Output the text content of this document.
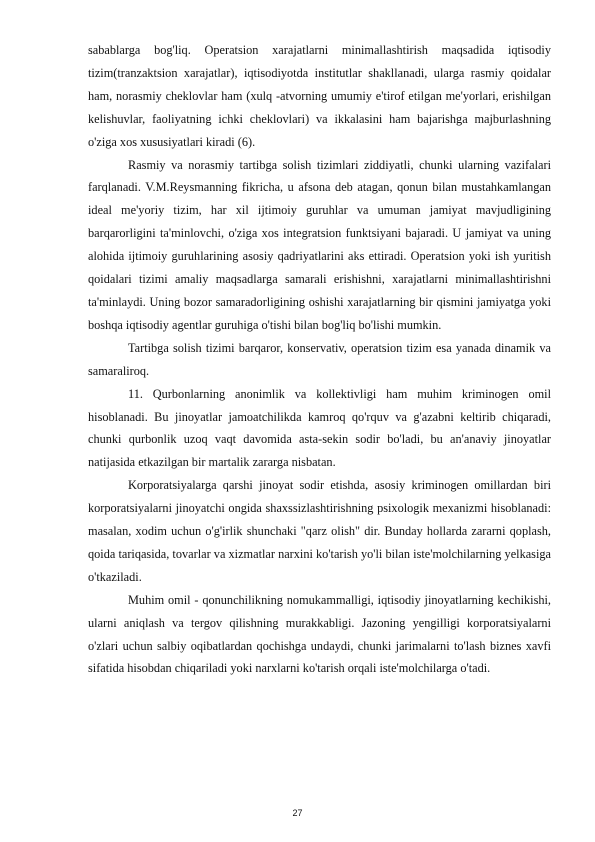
sabablarga bog'liq. Operatsion xarajatlarni minimallashtirish maqsadida iqtisodiy tizim(tranzaktsion xarajatlar), iqtisodiyotda institutlar shakllanadi, ularga rasmiy qoidalar ham, norasmiy cheklovlar ham (xulq -atvorning umumiy e'tirof etilgan me'yorlari, erishilgan kelishuvlar, faoliyatning ichki cheklovlari) va ikkalasini ham bajarishga majburlashning o'ziga xos xususiyatlari kiradi (6).

Rasmiy va norasmiy tartibga solish tizimlari ziddiyatli, chunki ularning vazifalari farqlanadi. V.M.Reysmanning fikricha, u afsona deb atagan, qonun bilan mustahkamlangan ideal me'yoriy tizim, har xil ijtimoiy guruhlar va umuman jamiyat mavjudligining barqarorligini ta'minlovchi, o'ziga xos integratsion funktsiyani bajaradi. U jamiyat va uning alohida ijtimoiy guruhlarining asosiy qadriyatlarini aks ettiradi. Operatsion yoki ish yuritish qoidalari tizimi amaliy maqsadlarga samarali erishishni, xarajatlarni minimallashtirishni ta'minlaydi. Uning bozor samaradorligining oshishi xarajatlarning bir qismini jamiyatga yoki boshqa iqtisodiy agentlar guruhiga o'tishi bilan bog'liq bo'lishi mumkin.

Tartibga solish tizimi barqaror, konservativ, operatsion tizim esa yanada dinamik va samaraliroq.

11. Qurbonlarning anonimlik va kollektivligi ham muhim kriminogen omil hisoblanadi. Bu jinoyatlar jamoatchilikda kamroq qo'rquv va g'azabni keltirib chiqaradi, chunki qurbonlik uzoq vaqt davomida asta-sekin sodir bo'ladi, bu an'anaviy jinoyatlar natijasida etkazilgan bir martalik zararga nisbatan.

Korporatsiyalarga qarshi jinoyat sodir etishda, asosiy kriminogen omillardan biri korporatsiyalarni jinoyatchi ongida shaxssizlashtirishning psixologik mexanizmi hisoblanadi: masalan, xodim uchun o'g'irlik shunchaki "qarz olish" dir. Bunday hollarda zararni qoplash, qoida tariqasida, tovarlar va xizmatlar narxini ko'tarish yo'li bilan iste'molchilarning yelkasiga o'tkaziladi.

Muhim omil - qonunchilikning nomukammalligi, iqtisodiy jinoyatlarning kechikishi, ularni aniqlash va tergov qilishning murakkabligi. Jazoning yengilligi korporatsiyalarni o'zlari uchun salbiy oqibatlardan qochishga undaydi, chunki jarimalarni to'lash biznes xavfi sifatida hisobdan chiqariladi yoki narxlarni ko'tarish orqali iste'molchilarga o'tadi.

27
